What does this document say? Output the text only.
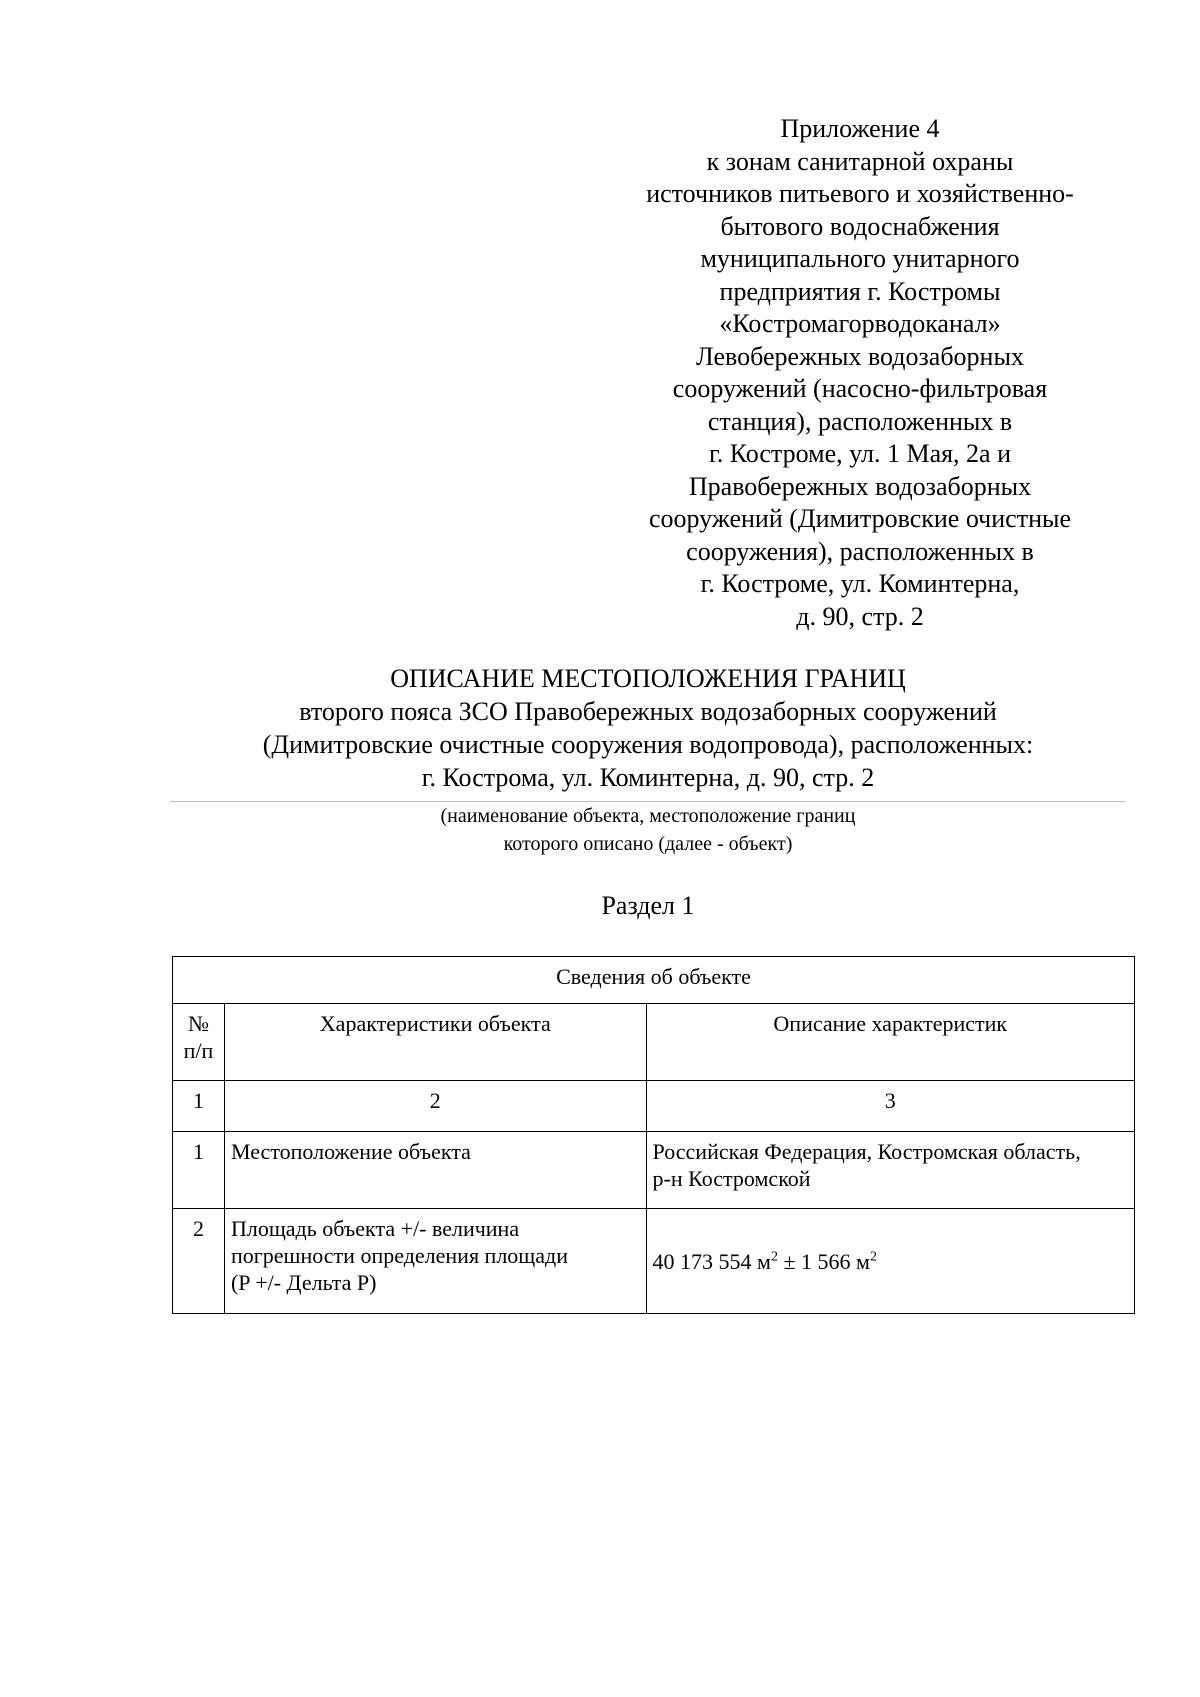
Приложение 4
к зонам санитарной охраны
источников питьевого и хозяйственно-
бытового водоснабжения
муниципального унитарного
предприятия г. Костромы
«Костромагорводоканал»
Левобережных водозаборных
сооружений (насосно-фильтровая
станция), расположенных в
г. Костроме, ул. 1 Мая, 2а и
Правобережных водозаборных
сооружений (Димитровские очистные
сооружения), расположенных в
г. Костроме, ул. Коминтерна,
д. 90, стр. 2
ОПИСАНИЕ МЕСТОПОЛОЖЕНИЯ ГРАНИЦ
второго пояса ЗСО Правобережных водозаборных сооружений
(Димитровские очистные сооружения водопровода), расположенных:
г. Кострома, ул. Коминтерна, д. 90, стр. 2
(наименование объекта, местоположение границ
которого описано (далее - объект)
Раздел 1
Сведения об объекте		

№
п/п	Характеристики объекта	Описание характеристик
1	2	3
1	Местоположение объекта	Российская Федерация, Костромская область,
р-н Костромской

2	Площадь объекта +/- величина
погрешности определения площади
(P +/- Дельта P)	40 173 554 $м^2 \pm 1$ 566 $м^2$
